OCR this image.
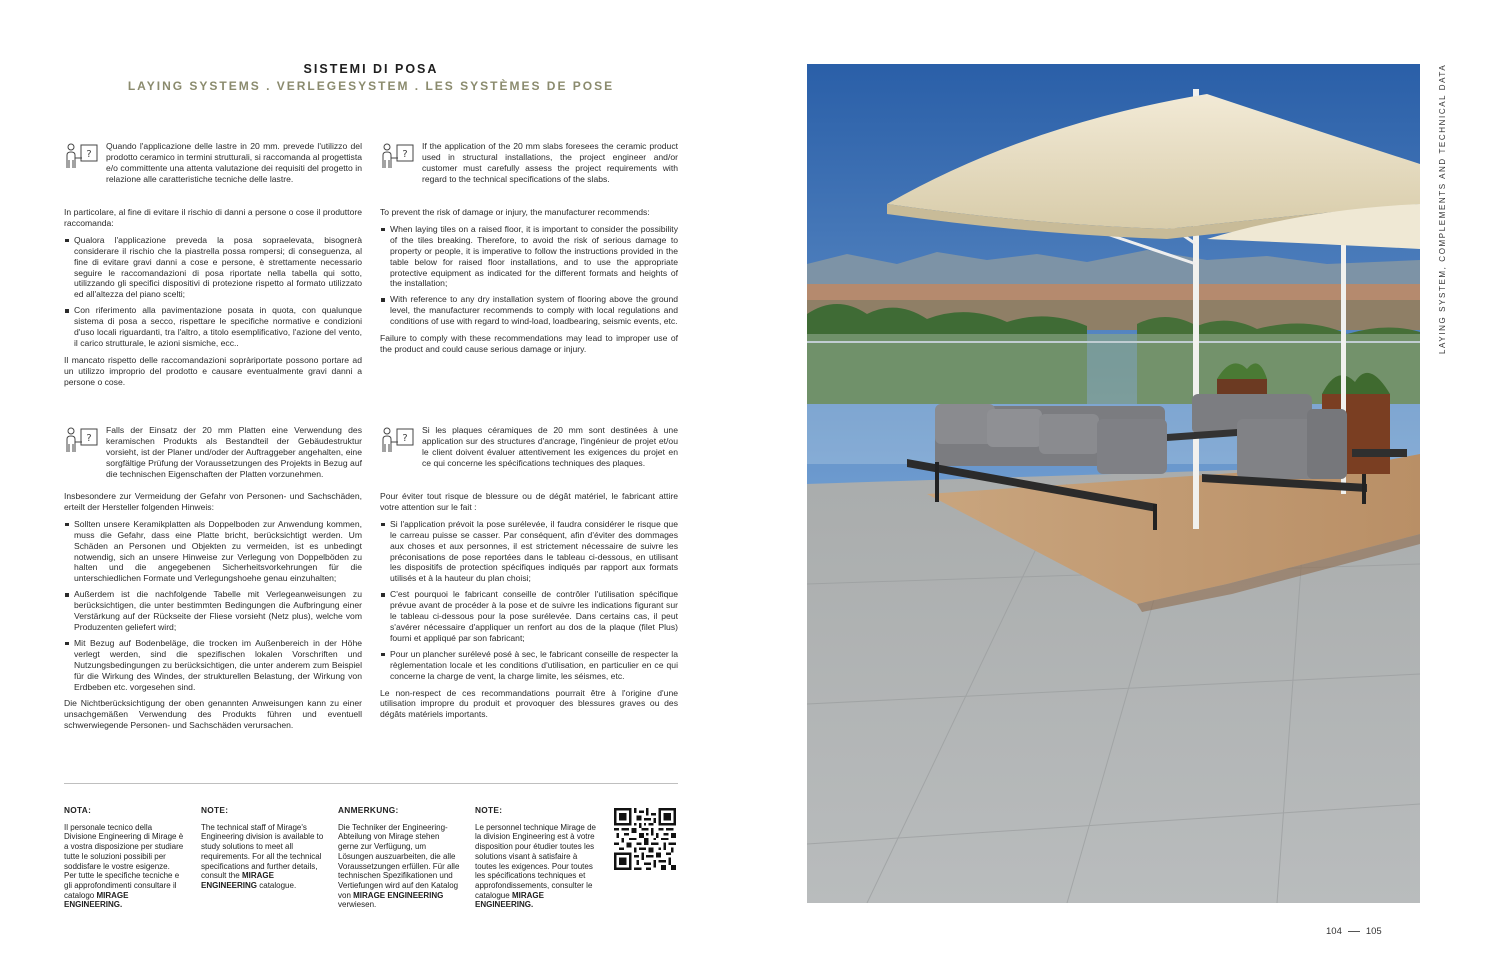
SISTEMI DI POSA
LAYING SYSTEMS . VERLEGESYSTEM . LES SYSTÈMES DE POSE
?
Quando l'applicazione delle lastre in 20 mm. prevede l'utilizzo del prodotto ceramico in termini strutturali, si raccomanda al progettista e/o committente una attenta valutazione dei requisiti del progetto in relazione alle caratteristiche tecniche delle lastre.

In particolare, al fine di evitare il rischio di danni a persone o cose il produttore raccomanda:

Qualora l'applicazione preveda la posa sopraelevata, bisognerà considerare il rischio che la piastrella possa rompersi; di conseguenza, al fine di evitare gravi danni a cose e persone, è strettamente necessario seguire le raccomandazioni di posa riportate nella tabella qui sotto, utilizzando gli specifici dispositivi di protezione rispetto al formato utilizzato ed all'altezza del piano scelti;
Con riferimento alla pavimentazione posata in quota, con qualunque sistema di posa a secco, rispettare le specifiche normative e condizioni d'uso locali riguardanti, tra l'altro, a titolo esemplificativo, l'azione del vento, il carico strutturale, le azioni sismiche, ecc..

Il mancato rispetto delle raccomandazioni sopràriportate possono portare ad un utilizzo improprio del prodotto e causare eventualmente gravi danni a persone o cose.

?
If the application of the 20 mm slabs foresees the ceramic product used in structural installations, the project engineer and/or customer must carefully assess the project requirements with regard to the technical specifications of the slabs.

To prevent the risk of damage or injury, the manufacturer recommends:

When laying tiles on a raised floor, it is important to consider the possibility of the tiles breaking. Therefore, to avoid the risk of serious damage to property or people, it is imperative to follow the instructions provided in the table below for raised floor installations, and to use the appropriate protective equipment as indicated for the different formats and heights of the installation;
With reference to any dry installation system of flooring above the ground level, the manufacturer recommends to comply with local regulations and conditions of use with regard to wind-load, loadbearing, seismic events, etc.

Failure to comply with these recommendations may lead to improper use of the product and could cause serious damage or injury.

?
Falls der Einsatz der 20 mm Platten eine Verwendung des keramischen Produkts als Bestandteil der Gebäudestruktur vorsieht, ist der Planer und/oder der Auftraggeber angehalten, eine sorgfältige Prüfung der Voraussetzungen des Projekts in Bezug auf die technischen Eigenschaften der Platten vorzunehmen.

Insbesondere zur Vermeidung der Gefahr von Personen- und Sachschäden, erteilt der Hersteller folgenden Hinweis:

Sollten unsere Keramikplatten als Doppelboden zur Anwendung kommen, muss die Gefahr, dass eine Platte bricht, berücksichtigt werden. Um Schäden an Personen und Objekten zu vermeiden, ist es unbedingt notwendig, sich an unsere Hinweise zur Verlegung von Doppelböden zu halten und die angegebenen Sicherheitsvorkehrungen für die unterschiedlichen Formate und Verlegungshoehe genau einzuhalten;
Außerdem ist die nachfolgende Tabelle mit Verlegeanweisungen zu berücksichtigen, die unter bestimmten Bedingungen die Aufbringung einer Verstärkung auf der Rückseite der Fliese vorsieht (Netz plus), welche vom Produzenten geliefert wird;
Mit Bezug auf Bodenbeläge, die trocken im Außenbereich in der Höhe verlegt werden, sind die spezifischen lokalen Vorschriften und Nutzungsbedingungen zu berücksichtigen, die unter anderem zum Beispiel für die Wirkung des Windes, der strukturellen Belastung, der Wirkung von Erdbeben etc. vorgesehen sind.

Die Nichtberücksichtigung der oben genannten Anweisungen kann zu einer unsachgemäßen Verwendung des Produkts führen und eventuell schwerwiegende Personen- und Sachschäden verursachen.

?
Si les plaques céramiques de 20 mm sont destinées à une application sur des structures d'ancrage, l'ingénieur de projet et/ou le client doivent évaluer attentivement les exigences du projet en ce qui concerne les spécifications techniques des plaques.

Pour éviter tout risque de blessure ou de dégât matériel, le fabricant attire votre attention sur le fait :

Si l'application prévoit la pose surélevée, il faudra considérer le risque que le carreau puisse se casser. Par conséquent, afin d'éviter des dommages aux choses et aux personnes, il est strictement nécessaire de suivre les préconisations de pose reportées dans le tableau ci-dessous, en utilisant les dispositifs de protection spécifiques indiqués par rapport aux formats utilisés et à la hauteur du plan choisi;
C'est pourquoi le fabricant conseille de contrôler l'utilisation spécifique prévue avant de procéder à la pose et de suivre les indications figurant sur le tableau ci-dessous pour la pose surélevée. Dans certains cas, il peut s'avérer nécessaire d'appliquer un renfort au dos de la plaque (filet Plus) fourni et appliqué par son fabricant;
Pour un plancher surélevé posé à sec, le fabricant conseille de respecter la règlementation locale et les conditions d'utilisation, en particulier en ce qui concerne la charge de vent, la charge limite, les séismes, etc.

Le non-respect de ces recommandations pourrait être à l'origine d'une utilisation impropre du produit et provoquer des blessures graves ou des dégâts matériels importants.

NOTA:
Il personale tecnico della Divisione Engineering di Mirage è a vostra disposizione per studiare tutte le soluzioni possibili per soddisfare le vostre esigenze. Per tutte le specifiche tecniche e gli approfondimenti consultare il catalogo MIRAGE ENGINEERING.
NOTE:
The technical staff of Mirage's Engineering division is available to study solutions to meet all requirements. For all the technical specifications and further details, consult the MIRAGE ENGINEERING catalogue.
ANMERKUNG:
Die Techniker der Engineering-Abteilung von Mirage stehen gerne zur Verfügung, um Lösungen auszuarbeiten, die alle Voraussetzungen erfüllen. Für alle technischen Spezifikationen und Vertiefungen wird auf den Katalog von MIRAGE ENGINEERING verwiesen.
NOTE:
Le personnel technique Mirage de la division Engineering est à votre disposition pour étudier toutes les solutions visant à satisfaire à toutes les exigences. Pour toutes les spécifications techniques et approfondissements, consulter le catalogue MIRAGE ENGINEERING.
LAYING SYSTEM, COMPLEMENTS AND TECHNICAL DATA
104	105
